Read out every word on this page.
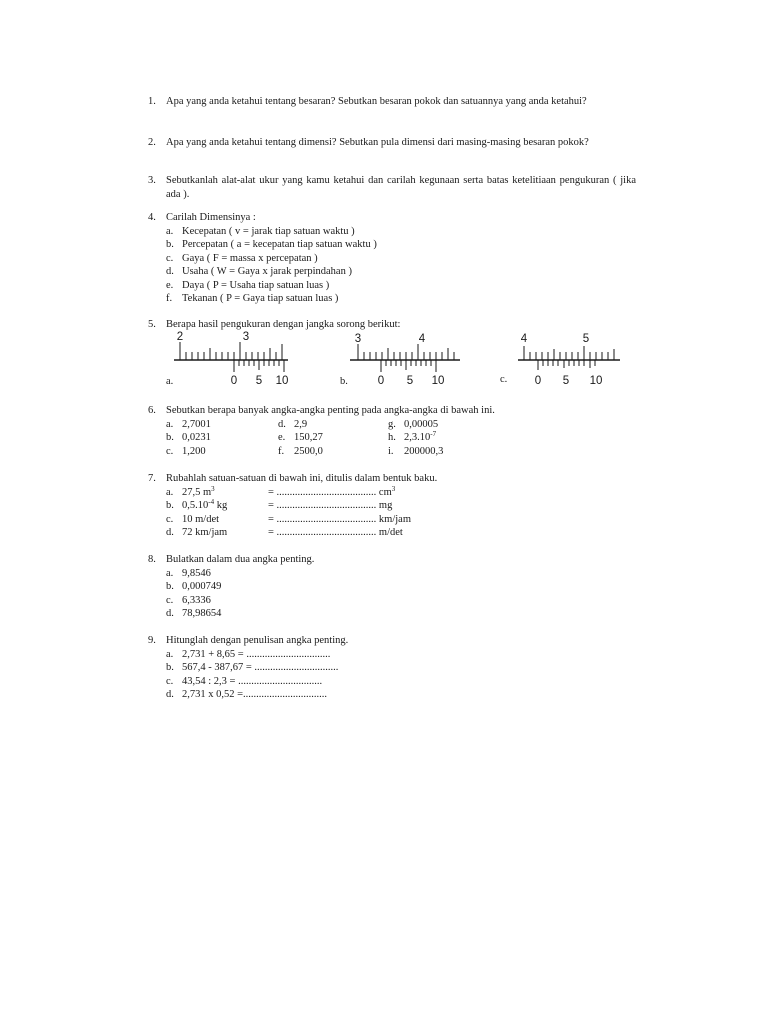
1. Apa yang anda ketahui tentang besaran? Sebutkan besaran pokok dan satuannya yang anda ketahui?
2. Apa yang anda ketahui tentang dimensi? Sebutkan pula dimensi dari masing-masing besaran pokok?
3. Sebutkanlah alat-alat ukur yang kamu ketahui dan carilah kegunaan serta batas ketelitiaan pengukuran ( jika ada ).
4. Carilah Dimensinya :
a. Kecepatan ( v = jarak tiap satuan waktu )
b. Percepatan ( a = kecepatan tiap satuan waktu )
c. Gaya ( F = massa x percepatan )
d. Usaha ( W = Gaya x jarak perpindahan )
e. Daya ( P = Usaha tiap satuan luas )
f. Tekanan ( P = Gaya tiap satuan luas )
5. Berapa hasil pengukuran dengan jangka sorong berikut:
2	3
0 5 10
a.
3	4
0 5 10
b.
4	5
0 5 10
c.
6. Sebutkan berapa banyak angka-angka penting pada angka-angka di bawah ini.
a. 2,7001	d. 2,9	g. 0,00005
b. 0,0231	e. 150,27	h. $2,3.10^{-7}$
c. 1,200	f. 2500,0	i. 200000,3
7. Rubahlah satuan-satuan di bawah ini, ditulis dalam bentuk baku.
a. 27,5 $m^3$	= ...................................... $cm^3$
b. $0,5.10^{-4}$ kg	= ...................................... mg
c. 10 m/det	= ...................................... km/jam
d. 72 km/jam	= ...................................... m/det
8. Bulatkan dalam dua angka penting.
a. 9,8546
b. 0,000749
c. 6,3336
d. 78,98654
9. Hitunglah dengan penulisan angka penting.
a. 2,731 + 8,65 = ................................
b. 567,4 - 387,67 = ................................
c. 43,54 : 2,3 = ................................
d. 2,731 x 0,52 =................................
